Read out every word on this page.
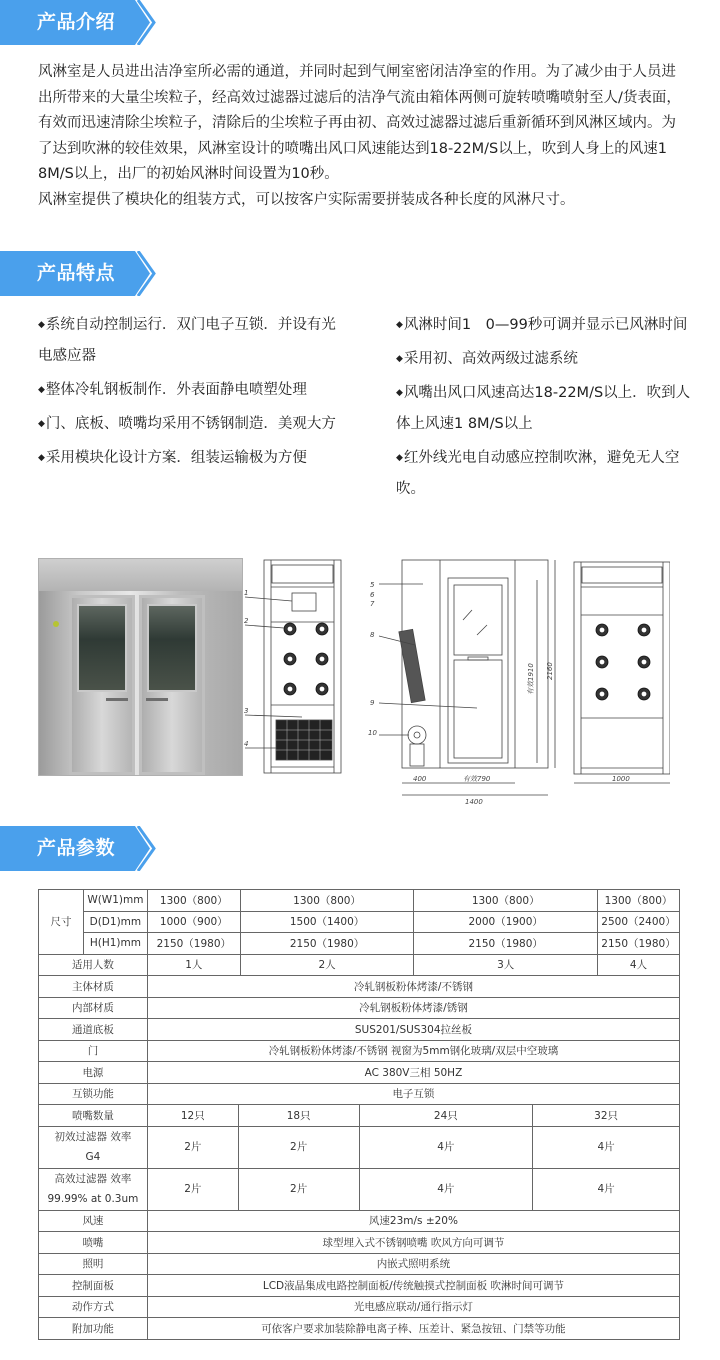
产品介绍

风淋室是人员进出洁净室所必需的通道，并同时起到气闸室密闭洁净室的作用。为了减少由于人员进出所带来的大量尘埃粒子，经高效过滤器过滤后的洁净气流由箱体两侧可旋转喷嘴喷射至人/货表面，有效而迅速清除尘埃粒子，清除后的尘埃粒子再由初、高效过滤器过滤后重新循环到风淋区域内。为了达到吹淋的较佳效果，风淋室设计的喷嘴出风口风速能达到18-22M/S以上，吹到人身上的风速1 8M/S以上，出厂的初始风淋时间设置为10秒。

风淋室提供了模块化的组装方式，可以按客户实际需要拼装成各种长度的风淋尺寸。

产品特点
◆系统自动控制运行．双门电子互锁．并设有光电感应器
◆整体冷轧钢板制作．外表面静电喷塑处理
◆门、底板、喷嘴均采用不锈钢制造．美观大方
◆采用模块化设计方案．组装运输极为方便
◆风淋时间1　0—99秒可调并显示已风淋时间
◆采用初、高效两级过滤系统
◆风嘴出风口风速高达18-22M/S以上．吹到人体上风速1 8M/S以上
◆红外线光电自动感应控制吹淋，避免无人空吹。
1
2
3
4
5
6
7
8
9
10
400	有效790
1400
有效1910 2160
1000
产品参数
尺寸	W(W1)mm	1300（800）		1300（800）		1300（800）		1300（800）
	D(D1)mm	1000（900）		1500（1400）		2000（1900）		2500（2400）
	H(H1)mm	2150（1980）		2150（1980）		2150（1980）		2150（1980）
适用人数		1人		2人		3人		4人
主体材质		冷轧钢板粉体烤漆/不锈钢						
内部材质		冷轧钢板粉体烤漆/锈钢						
通道底板		SUS201/SUS304拉丝板						
门		冷轧钢板粉体烤漆/不锈钢 视窗为5mm钢化玻璃/双层中空玻璃						
电源		AC 380V三相 50HZ						
互锁功能		电子互锁						
喷嘴数量		12只	18只		24只		32只	
初效过滤器 效率
G4		2片	2片		4片		4片	
高效过滤器 效率
99.99% at 0.3um		2片	2片		4片		4片	
风速		风速23m/s ±20%						
喷嘴		球型埋入式不锈钢喷嘴 吹风方向可调节						
照明		内嵌式照明系统						
控制面板		LCD液晶集成电路控制面板/传统触摸式控制面板 吹淋时间可调节						
动作方式		光电感应联动/通行指示灯						
附加功能		可依客户要求加装除静电离子棒、压差计、紧急按钮、门禁等功能						
